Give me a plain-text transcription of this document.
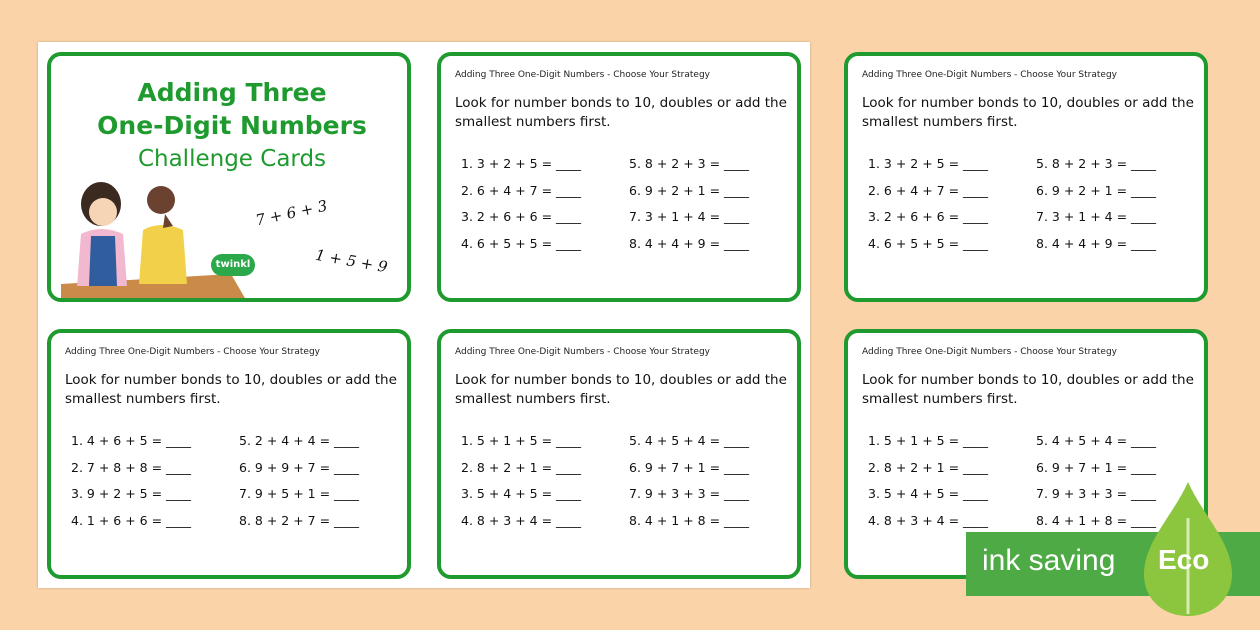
Adding Three
One-Digit Numbers
Challenge Cards
7 + 6 + 3
1 + 5 + 9
twinkl
Adding Three One-Digit Numbers - Choose Your Strategy
Look for number bonds to 10, doubles or add the smallest numbers first.
1. 3 + 2 + 5 = ____
2. 6 + 4 + 7 = ____
3. 2 + 6 + 6 = ____
4. 6 + 5 + 5 = ____
5. 8 + 2 + 3 = ____
6. 9 + 2 + 1 = ____
7. 3 + 1 + 4 = ____
8. 4 + 4 + 9 = ____
Adding Three One-Digit Numbers - Choose Your Strategy
Look for number bonds to 10, doubles or add the smallest numbers first.
1. 3 + 2 + 5 = ____
2. 6 + 4 + 7 = ____
3. 2 + 6 + 6 = ____
4. 6 + 5 + 5 = ____
5. 8 + 2 + 3 = ____
6. 9 + 2 + 1 = ____
7. 3 + 1 + 4 = ____
8. 4 + 4 + 9 = ____
Adding Three One-Digit Numbers - Choose Your Strategy
Look for number bonds to 10, doubles or add the smallest numbers first.
1. 4 + 6 + 5 = ____
2. 7 + 8 + 8 = ____
3. 9 + 2 + 5 = ____
4. 1 + 6 + 6 = ____
5. 2 + 4 + 4 = ____
6. 9 + 9 + 7 = ____
7. 9 + 5 + 1 = ____
8. 8 + 2 + 7 = ____
Adding Three One-Digit Numbers - Choose Your Strategy
Look for number bonds to 10, doubles or add the smallest numbers first.
1. 5 + 1 + 5 = ____
2. 8 + 2 + 1 = ____
3. 5 + 4 + 5 = ____
4. 8 + 3 + 4 = ____
5. 4 + 5 + 4 = ____
6. 9 + 7 + 1 = ____
7. 9 + 3 + 3 = ____
8. 4 + 1 + 8 = ____
Adding Three One-Digit Numbers - Choose Your Strategy
Look for number bonds to 10, doubles or add the smallest numbers first.
1. 5 + 1 + 5 = ____
2. 8 + 2 + 1 = ____
3. 5 + 4 + 5 = ____
4. 8 + 3 + 4 = ____
5. 4 + 5 + 4 = ____
6. 9 + 7 + 1 = ____
7. 9 + 3 + 3 = ____
8. 4 + 1 + 8 = ____
ink saving Eco
